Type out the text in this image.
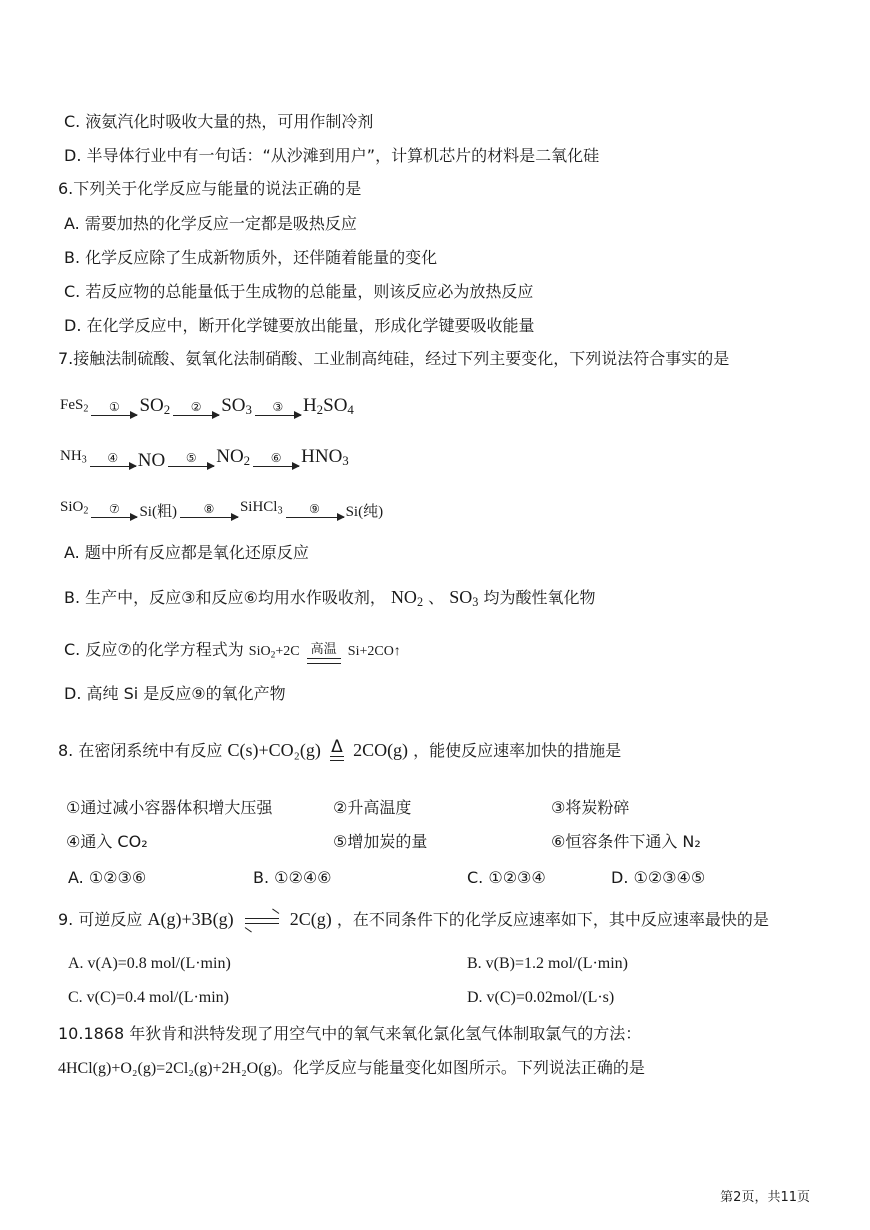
C. 液氨汽化时吸收大量的热，可用作制冷剂
D. 半导体行业中有一句话：“从沙滩到用户”，计算机芯片的材料是二氧化硅
6.下列关于化学反应与能量的说法正确的是
A. 需要加热的化学反应一定都是吸热反应
B. 化学反应除了生成新物质外，还伴随着能量的变化
C. 若反应物的总能量低于生成物的总能量，则该反应必为放热反应
D. 在化学反应中，断开化学键要放出能量，形成化学键要吸收能量
7.接触法制硫酸、氨氧化法制硝酸、工业制高纯硅，经过下列主要变化，下列说法符合事实的是
FeS$_2$ ① $SO_2$ ② $SO_3$ ③ $H_2SO_4$
$NH_3$ ④ NO ⑤ $NO_2$ ⑥ $HNO_3$
SiO$_2$ ⑦ Si(粗) ⑧ SiHCl$_3$ ⑨ Si(纯)
A. 题中所有反应都是氧化还原反应
B. 生产中，反应③和反应⑥均用水作吸收剂， $NO_2$ 、 $SO_3$ 均为酸性氧化物
C. 反应⑦的化学方程式为 SiO$_2$+2C 高温 Si+2CO↑
D. 高纯 Si 是反应⑨的氧化产物
8. 在密闭系统中有反应 C(s)+CO₂(g) Δ 2CO(g) ，能使反应速率加快的措施是
①通过减小容器体积增大压强	②升高温度	③将炭粉碎
④通入 CO₂	⑤增加炭的量	⑥恒容条件下通入 N₂
A. ①②③⑥	B. ①②④⑥	C. ①②③④	D. ①②③④⑤
9. 可逆反应 A(g)+3B(g)	2C(g) ，在不同条件下的化学反应速率如下，其中反应速率最快的是
A. v(A)=0.8 mol/(L·min)	B. v(B)=1.2 mol/(L·min)
C. v(C)=0.4 mol/(L·min)	D. v(C)=0.02mol/(L·s)
10.1868 年狄肯和洪特发现了用空气中的氧气来氧化氯化氢气体制取氯气的方法：
4HCl(g)+O₂(g)=2Cl₂(g)+2H₂O(g)。化学反应与能量变化如图所示。下列说法正确的是
第2页，共11页
